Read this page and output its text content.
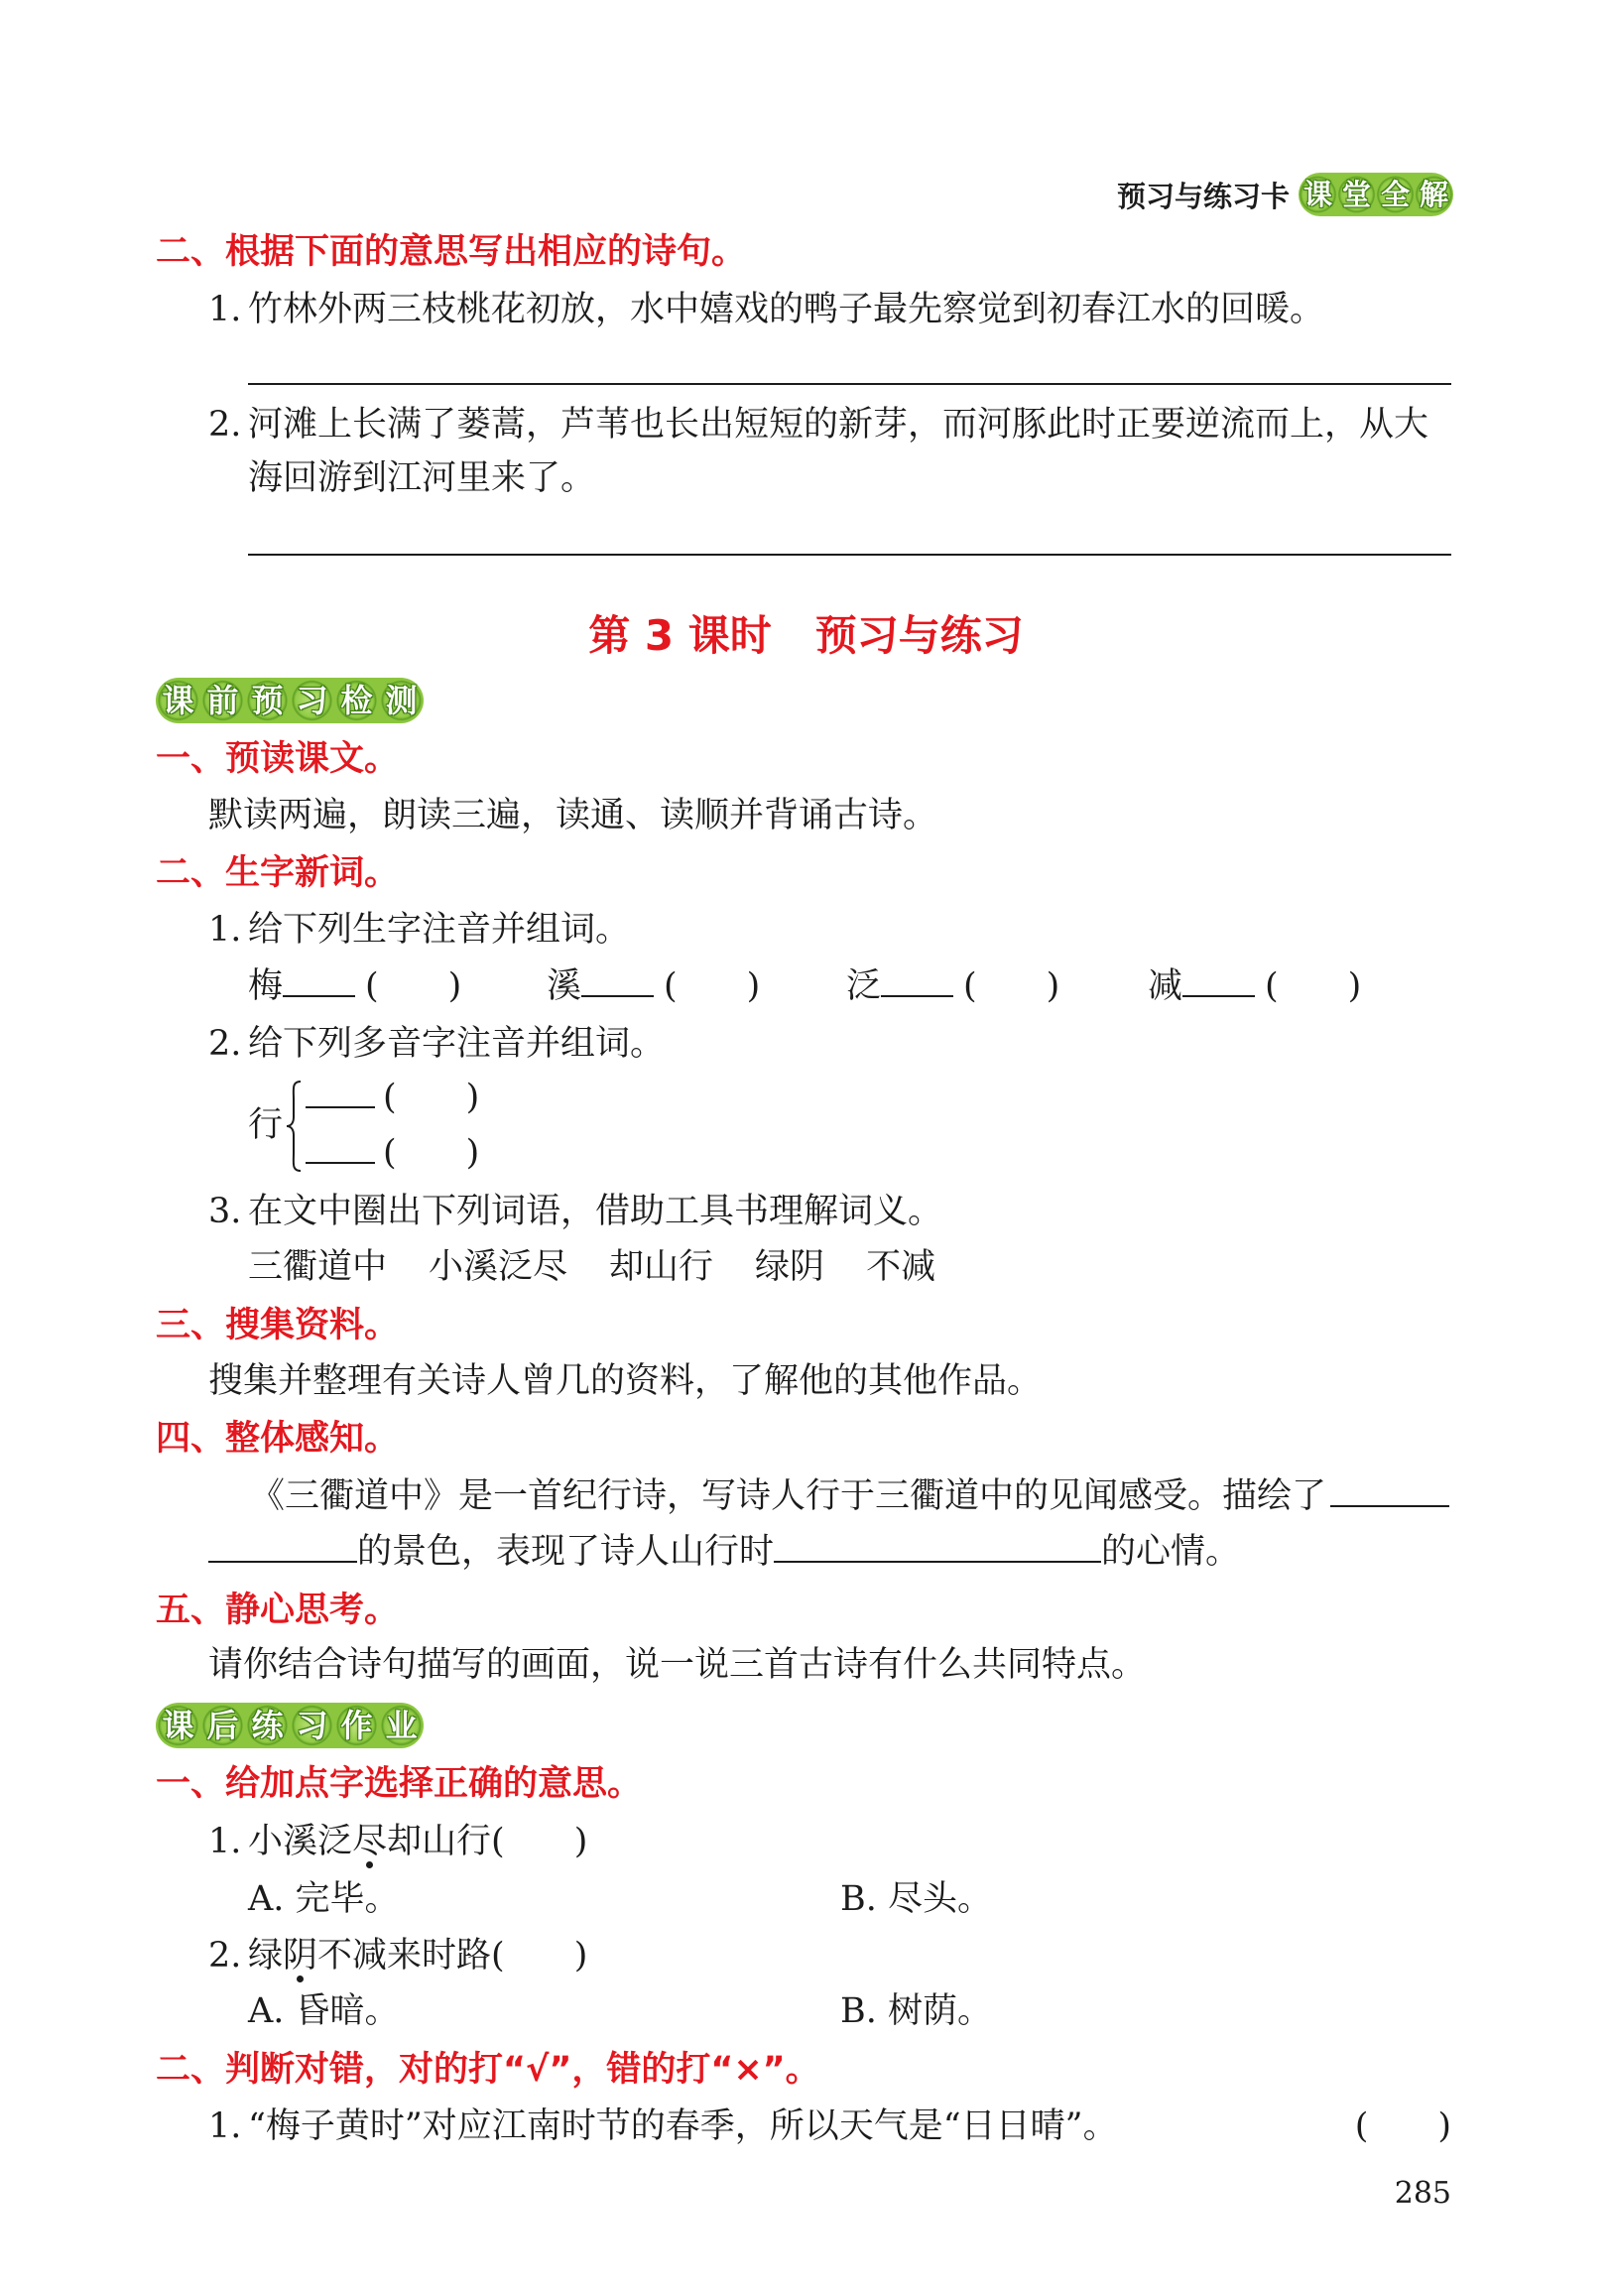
预习与练习卡 课堂全解
二、根据下面的意思写出相应的诗句。
1. 竹林外两三枝桃花初放，水中嬉戏的鸭子最先察觉到初春江水的回暖。
2. 河滩上长满了蒌蒿，芦苇也长出短短的新芽，而河豚此时正要逆流而上，从大
海回游到江河里来了。
第 3 课时 预习与练习
课前预习检测
一、预读课文。
默读两遍，朗读三遍，读通、读顺并背诵古诗。
二、生字新词。
1. 给下列生字注音并组词。
梅 (　　) 溪 (　　) 泛 (　　)	减 (　　)
2. 给下列多音字注音并组词。
行
(　　)
(　　)
3. 在文中圈出下列词语，借助工具书理解词义。
三衢道中 小溪泛尽 却山行 绿阴 不减
三、搜集资料。
搜集并整理有关诗人曾几的资料，了解他的其他作品。
四、整体感知。
《三衢道中》是一首纪行诗，写诗人行于三衢道中的见闻感受。描绘了
的景色，表现了诗人山行时	的心情。
五、静心思考。
请你结合诗句描写的画面，说一说三首古诗有什么共同特点。
课后练习作业
一、给加点字选择正确的意思。
1. 小溪泛尽却山行(　　)
A. 完毕。	B. 尽头。
2. 绿阴不减来时路(　　)
A. 昏暗。	B. 树荫。
二、判断对错，对的打“√”，错的打“×”。
1. “梅子黄时”对应江南时节的春季，所以天气是“日日晴”。	(　　)
285
